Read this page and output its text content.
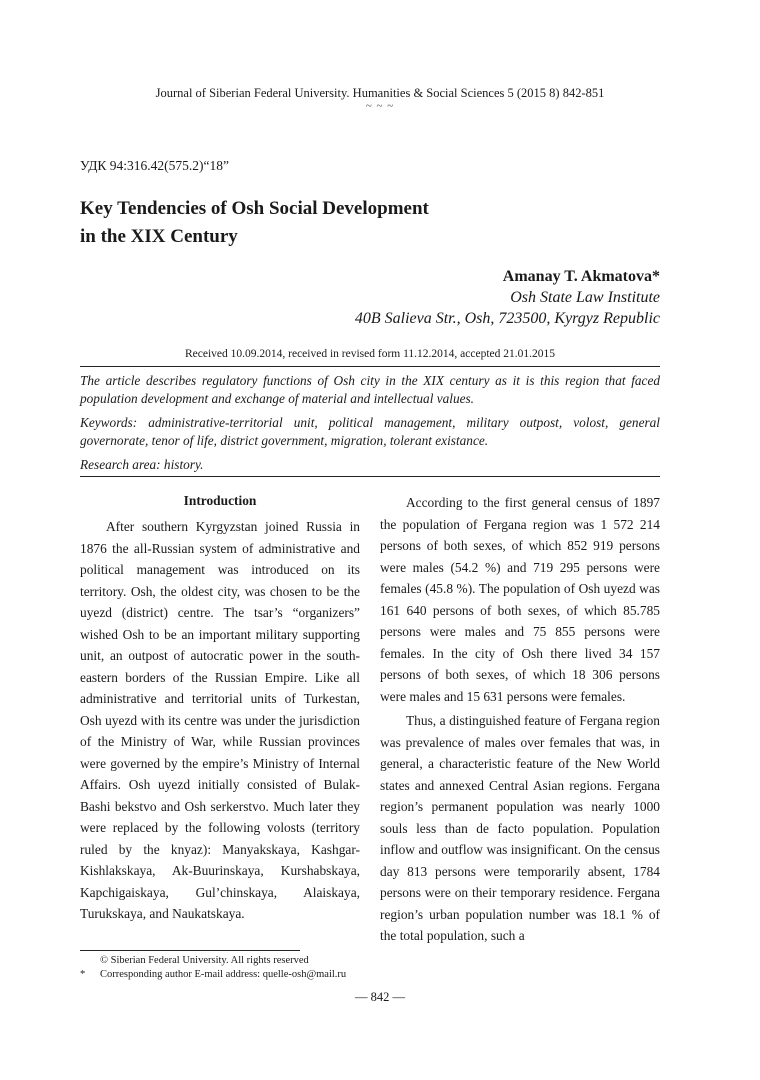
Journal of Siberian Federal University. Humanities & Social Sciences 5 (2015 8) 842-851
~ ~ ~
УДК 94:316.42(575.2)“18”
Key Tendencies of Osh Social Development
in the XIX Century
Amanay T. Akmatova*
Osh State Law Institute
40B Salieva Str., Osh, 723500, Kyrgyz Republic
Received 10.09.2014, received in revised form 11.12.2014, accepted 21.01.2015
The article describes regulatory functions of Osh city in the XIX century as it is this region that faced population development and exchange of material and intellectual values.
Keywords: administrative-territorial unit, political management, military outpost, volost, general governorate, tenor of life, district government, migration, tolerant existance.
Research area: history.
Introduction

After southern Kyrgyzstan joined Russia in 1876 the all-Russian system of administrative and political management was introduced on its territory. Osh, the oldest city, was chosen to be the uyezd (district) centre. The tsar’s “organizers” wished Osh to be an important military supporting unit, an outpost of autocratic power in the south-eastern borders of the Russian Empire. Like all administrative and territorial units of Turkestan, Osh uyezd with its centre was under the jurisdiction of the Ministry of War, while Russian provinces were governed by the empire’s Ministry of Internal Affairs. Osh uyezd initially consisted of Bulak-Bashi bekstvo and Osh serkerstvo. Much later they were replaced by the following volosts (territory ruled by the knyaz): Manyakskaya, Kashgar-Kishlakskaya, Ak-Buurinskaya, Kurshabskaya, Kapchigaiskaya, Gul’chinskaya, Alaiskaya, Turukskaya, and Naukatskaya.

According to the first general census of 1897 the population of Fergana region was 1 572 214 persons of both sexes, of which 852 919 persons were males (54.2 %) and 719 295 persons were females (45.8 %). The population of Osh uyezd was 161 640 persons of both sexes, of which 85.785 persons were males and 75 855 persons were females. In the city of Osh there lived 34 157 persons of both sexes, of which 18 306 persons were males and 15 631 persons were females.

Thus, a distinguished feature of Fergana region was prevalence of males over females that was, in general, a characteristic feature of the New World states and annexed Central Asian regions. Fergana region’s permanent population was nearly 1000 souls less than de facto population. Population inflow and outflow was insignificant. On the census day 813 persons were temporarily absent, 1784 persons were on their temporary residence. Fergana region’s urban population number was 18.1 % of the total population, such a

© Siberian Federal University. All rights reserved
* Corresponding author E-mail address: quelle-osh@mail.ru
— 842 —
